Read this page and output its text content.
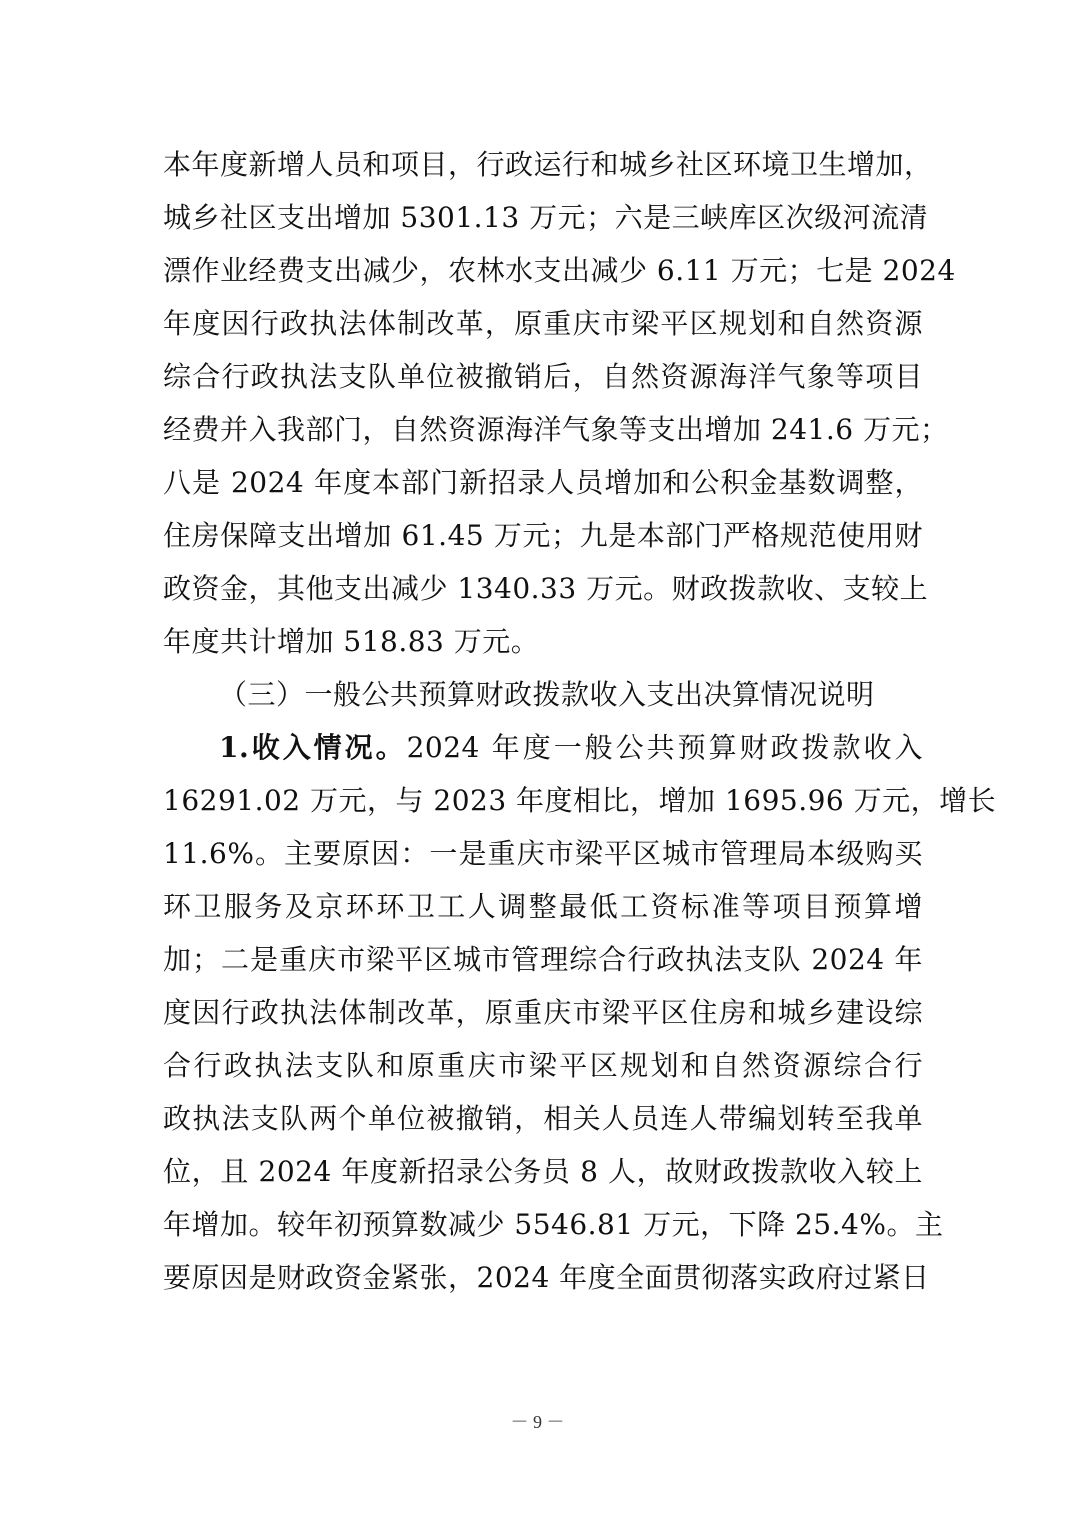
本年度新增人员和项目，行政运行和城乡社区环境卫生增加，
城乡社区支出增加 5301.13 万元；六是三峡库区次级河流清
漂作业经费支出减少，农林水支出减少 6.11 万元；七是 2024
年度因行政执法体制改革，原重庆市梁平区规划和自然资源
综合行政执法支队单位被撤销后，自然资源海洋气象等项目
经费并入我部门，自然资源海洋气象等支出增加 241.6 万元；
八是 2024 年度本部门新招录人员增加和公积金基数调整，
住房保障支出增加 61.45 万元；九是本部门严格规范使用财
政资金，其他支出减少 1340.33 万元。财政拨款收、支较上
年度共计增加 518.83 万元。
（三）一般公共预算财政拨款收入支出决算情况说明
1.收入情况。2024 年度一般公共预算财政拨款收入
16291.02 万元，与 2023 年度相比，增加 1695.96 万元，增长
11.6%。主要原因：一是重庆市梁平区城市管理局本级购买
环卫服务及京环环卫工人调整最低工资标准等项目预算增
加；二是重庆市梁平区城市管理综合行政执法支队 2024 年
度因行政执法体制改革，原重庆市梁平区住房和城乡建设综
合行政执法支队和原重庆市梁平区规划和自然资源综合行
政执法支队两个单位被撤销，相关人员连人带编划转至我单
位，且 2024 年度新招录公务员 8 人，故财政拨款收入较上
年增加。较年初预算数减少 5546.81 万元，下降 25.4%。主
要原因是财政资金紧张，2024 年度全面贯彻落实政府过紧日
－ 9 －
